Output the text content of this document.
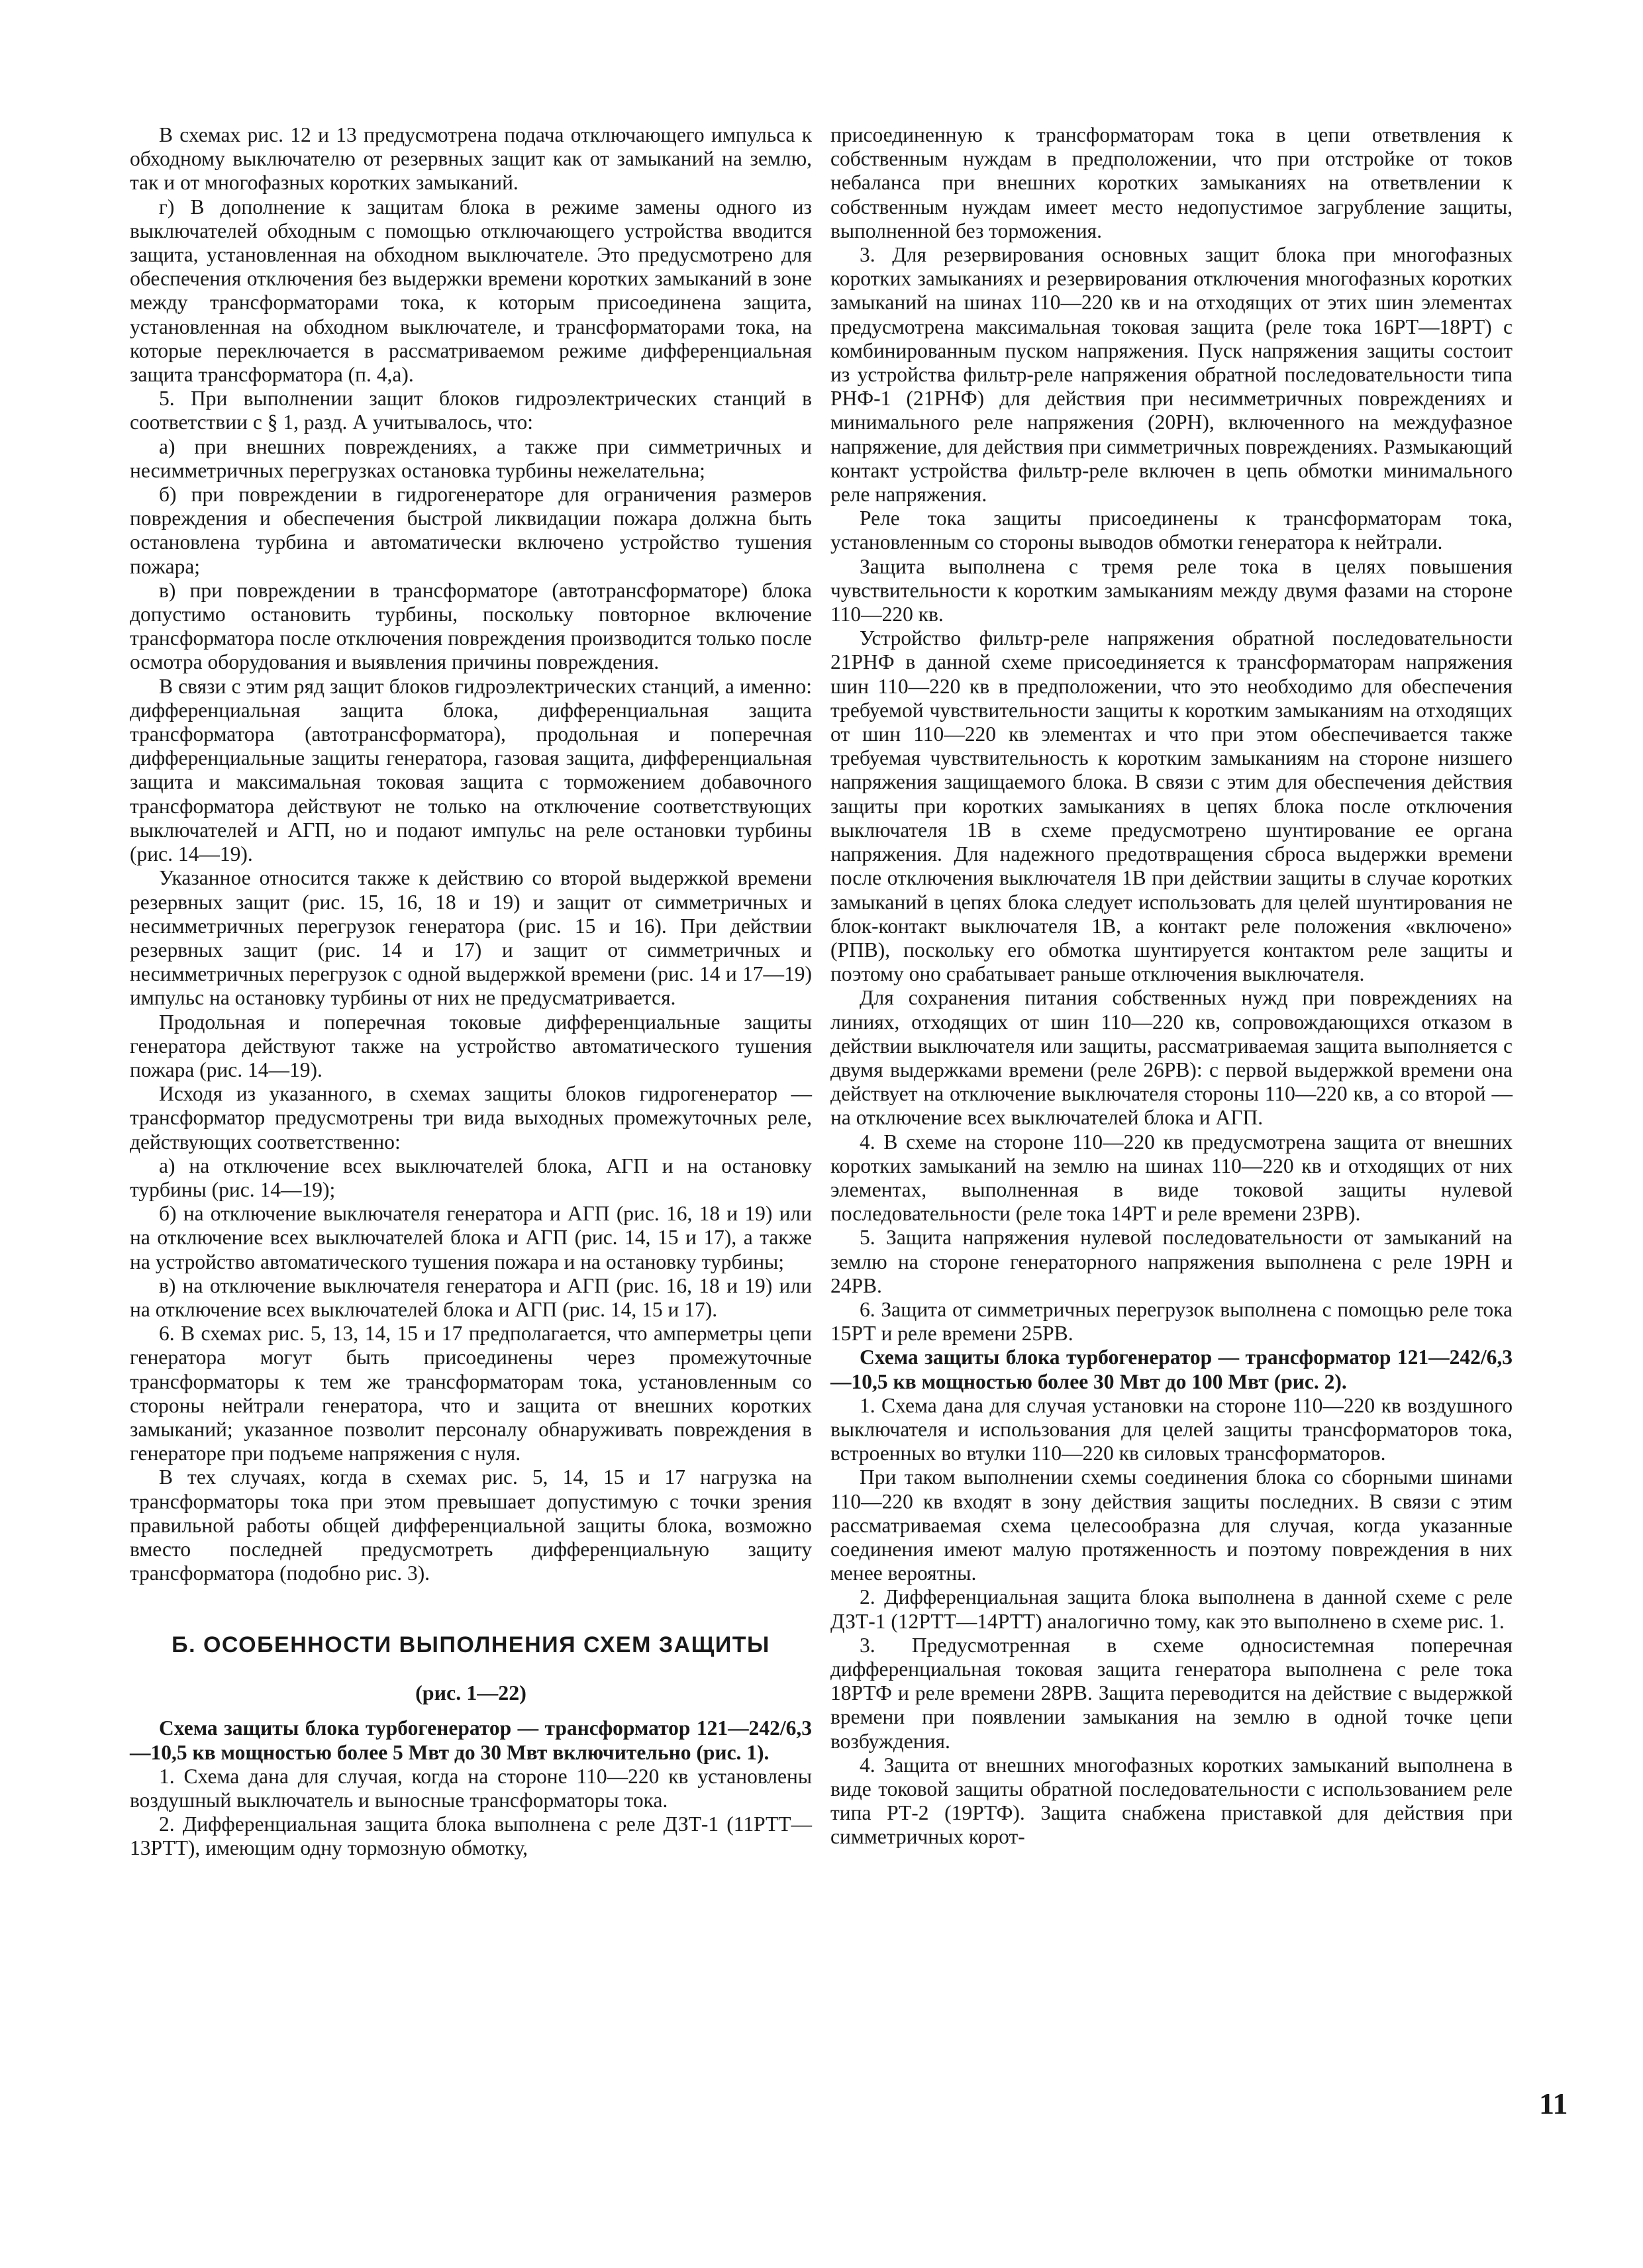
В схемах рис. 12 и 13 предусмотрена подача отключающего импульса к обходному выключателю от резервных защит как от замыканий на землю, так и от многофазных коротких замыканий.

г) В дополнение к защитам блока в режиме замены одного из выключателей обходным с помощью отключающего устройства вводится защита, установленная на обходном выключателе. Это предусмотрено для обеспечения отключения без выдержки времени коротких замыканий в зоне между трансформаторами тока, к которым присоединена защита, установленная на обходном выключателе, и трансформаторами тока, на которые переключается в рассматриваемом режиме дифференциальная защита трансформатора (п. 4,а).

5. При выполнении защит блоков гидроэлектрических станций в соответствии с § 1, разд. А учитывалось, что:

а) при внешних повреждениях, а также при симметричных и несимметричных перегрузках остановка турбины нежелательна;

б) при повреждении в гидрогенераторе для ограничения размеров повреждения и обеспечения быстрой ликвидации пожара должна быть остановлена турбина и автоматически включено устройство тушения пожара;

в) при повреждении в трансформаторе (автотрансформаторе) блока допустимо остановить турбины, поскольку повторное включение трансформатора после отключения повреждения производится только после осмотра оборудования и выявления причины повреждения.

В связи с этим ряд защит блоков гидроэлектрических станций, а именно: дифференциальная защита блока, дифференциальная защита трансформатора (автотрансформатора), продольная и поперечная дифференциальные защиты генератора, газовая защита, дифференциальная защита и максимальная токовая защита с торможением добавочного трансформатора действуют не только на отключение соответствующих выключателей и АГП, но и подают импульс на реле остановки турбины (рис. 14—19).

Указанное относится также к действию со второй выдержкой времени резервных защит (рис. 15, 16, 18 и 19) и защит от симметричных и несимметричных перегрузок генератора (рис. 15 и 16). При действии резервных защит (рис. 14 и 17) и защит от симметричных и несимметричных перегрузок с одной выдержкой времени (рис. 14 и 17—19) импульс на остановку турбины от них не предусматривается.

Продольная и поперечная токовые дифференциальные защиты генератора действуют также на устройство автоматического тушения пожара (рис. 14—19).

Исходя из указанного, в схемах защиты блоков гидрогенератор — трансформатор предусмотрены три вида выходных промежуточных реле, действующих соответственно:

а) на отключение всех выключателей блока, АГП и на остановку турбины (рис. 14—19);

б) на отключение выключателя генератора и АГП (рис. 16, 18 и 19) или на отключение всех выключателей блока и АГП (рис. 14, 15 и 17), а также на устройство автоматического тушения пожара и на остановку турбины;

в) на отключение выключателя генератора и АГП (рис. 16, 18 и 19) или на отключение всех выключателей блока и АГП (рис. 14, 15 и 17).

6. В схемах рис. 5, 13, 14, 15 и 17 предполагается, что амперметры цепи генератора могут быть присоединены через промежуточные трансформаторы к тем же трансформаторам тока, установленным со стороны нейтрали генератора, что и защита от внешних коротких замыканий; указанное позволит персоналу обнаруживать повреждения в генераторе при подъеме напряжения с нуля.

В тех случаях, когда в схемах рис. 5, 14, 15 и 17 нагрузка на трансформаторы тока при этом превышает допустимую с точки зрения правильной работы общей дифференциальной защиты блока, возможно вместо последней предусмотреть дифференциальную защиту трансформатора (подобно рис. 3).

Б. ОСОБЕННОСТИ ВЫПОЛНЕНИЯ СХЕМ ЗАЩИТЫ
(рис. 1—22)

Схема защиты блока турбогенератор — трансформатор 121—242/6,3—10,5 кв мощностью более 5 Мвт до 30 Мвт включительно (рис. 1).

1. Схема дана для случая, когда на стороне 110—220 кв установлены воздушный выключатель и выносные трансформаторы тока.

2. Дифференциальная защита блока выполнена с реле ДЗТ-1 (11РТТ—13РТТ), имеющим одну тормозную обмотку,

присоединенную к трансформаторам тока в цепи ответвления к собственным нуждам в предположении, что при отстройке от токов небаланса при внешних коротких замыканиях на ответвлении к собственным нуждам имеет место недопустимое загрубление защиты, выполненной без торможения.

3. Для резервирования основных защит блока при многофазных коротких замыканиях и резервирования отключения многофазных коротких замыканий на шинах 110—220 кв и на отходящих от этих шин элементах предусмотрена максимальная токовая защита (реле тока 16РТ—18РТ) с комбинированным пуском напряжения. Пуск напряжения защиты состоит из устройства фильтр-реле напряжения обратной последовательности типа РНФ-1 (21РНФ) для действия при несимметричных повреждениях и минимального реле напряжения (20РН), включенного на междуфазное напряжение, для действия при симметричных повреждениях. Размыкающий контакт устройства фильтр-реле включен в цепь обмотки минимального реле напряжения.

Реле тока защиты присоединены к трансформаторам тока, установленным со стороны выводов обмотки генератора к нейтрали.

Защита выполнена с тремя реле тока в целях повышения чувствительности к коротким замыканиям между двумя фазами на стороне 110—220 кв.

Устройство фильтр-реле напряжения обратной последовательности 21РНФ в данной схеме присоединяется к трансформаторам напряжения шин 110—220 кв в предположении, что это необходимо для обеспечения требуемой чувствительности защиты к коротким замыканиям на отходящих от шин 110—220 кв элементах и что при этом обеспечивается также требуемая чувствительность к коротким замыканиям на стороне низшего напряжения защищаемого блока. В связи с этим для обеспечения действия защиты при коротких замыканиях в цепях блока после отключения выключателя 1В в схеме предусмотрено шунтирование ее органа напряжения. Для надежного предотвращения сброса выдержки времени после отключения выключателя 1В при действии защиты в случае коротких замыканий в цепях блока следует использовать для целей шунтирования не блок-контакт выключателя 1В, а контакт реле положения «включено» (РПВ), поскольку его обмотка шунтируется контактом реле защиты и поэтому оно срабатывает раньше отключения выключателя.

Для сохранения питания собственных нужд при повреждениях на линиях, отходящих от шин 110—220 кв, сопровождающихся отказом в действии выключателя или защиты, рассматриваемая защита выполняется с двумя выдержками времени (реле 26РВ): с первой выдержкой времени она действует на отключение выключателя стороны 110—220 кв, а со второй — на отключение всех выключателей блока и АГП.

4. В схеме на стороне 110—220 кв предусмотрена защита от внешних коротких замыканий на землю на шинах 110—220 кв и отходящих от них элементах, выполненная в виде токовой защиты нулевой последовательности (реле тока 14РТ и реле времени 23РВ).

5. Защита напряжения нулевой последовательности от замыканий на землю на стороне генераторного напряжения выполнена с реле 19РН и 24РВ.

6. Защита от симметричных перегрузок выполнена с помощью реле тока 15РТ и реле времени 25РВ.

Схема защиты блока турбогенератор — трансформатор 121—242/6,3—10,5 кв мощностью более 30 Мвт до 100 Мвт (рис. 2).

1. Схема дана для случая установки на стороне 110—220 кв воздушного выключателя и использования для целей защиты трансформаторов тока, встроенных во втулки 110—220 кв силовых трансформаторов.

При таком выполнении схемы соединения блока со сборными шинами 110—220 кв входят в зону действия защиты последних. В связи с этим рассматриваемая схема целесообразна для случая, когда указанные соединения имеют малую протяженность и поэтому повреждения в них менее вероятны.

2. Дифференциальная защита блока выполнена в данной схеме с реле ДЗТ-1 (12РТТ—14РТТ) аналогично тому, как это выполнено в схеме рис. 1.

3. Предусмотренная в схеме односистемная поперечная дифференциальная токовая защита генератора выполнена с реле тока 18РТФ и реле времени 28РВ. Защита переводится на действие с выдержкой времени при появлении замыкания на землю в одной точке цепи возбуждения.

4. Защита от внешних многофазных коротких замыканий выполнена в виде токовой защиты обратной последовательности с использованием реле типа РТ-2 (19РТФ). Защита снабжена приставкой для действия при симметричных корот-

11
